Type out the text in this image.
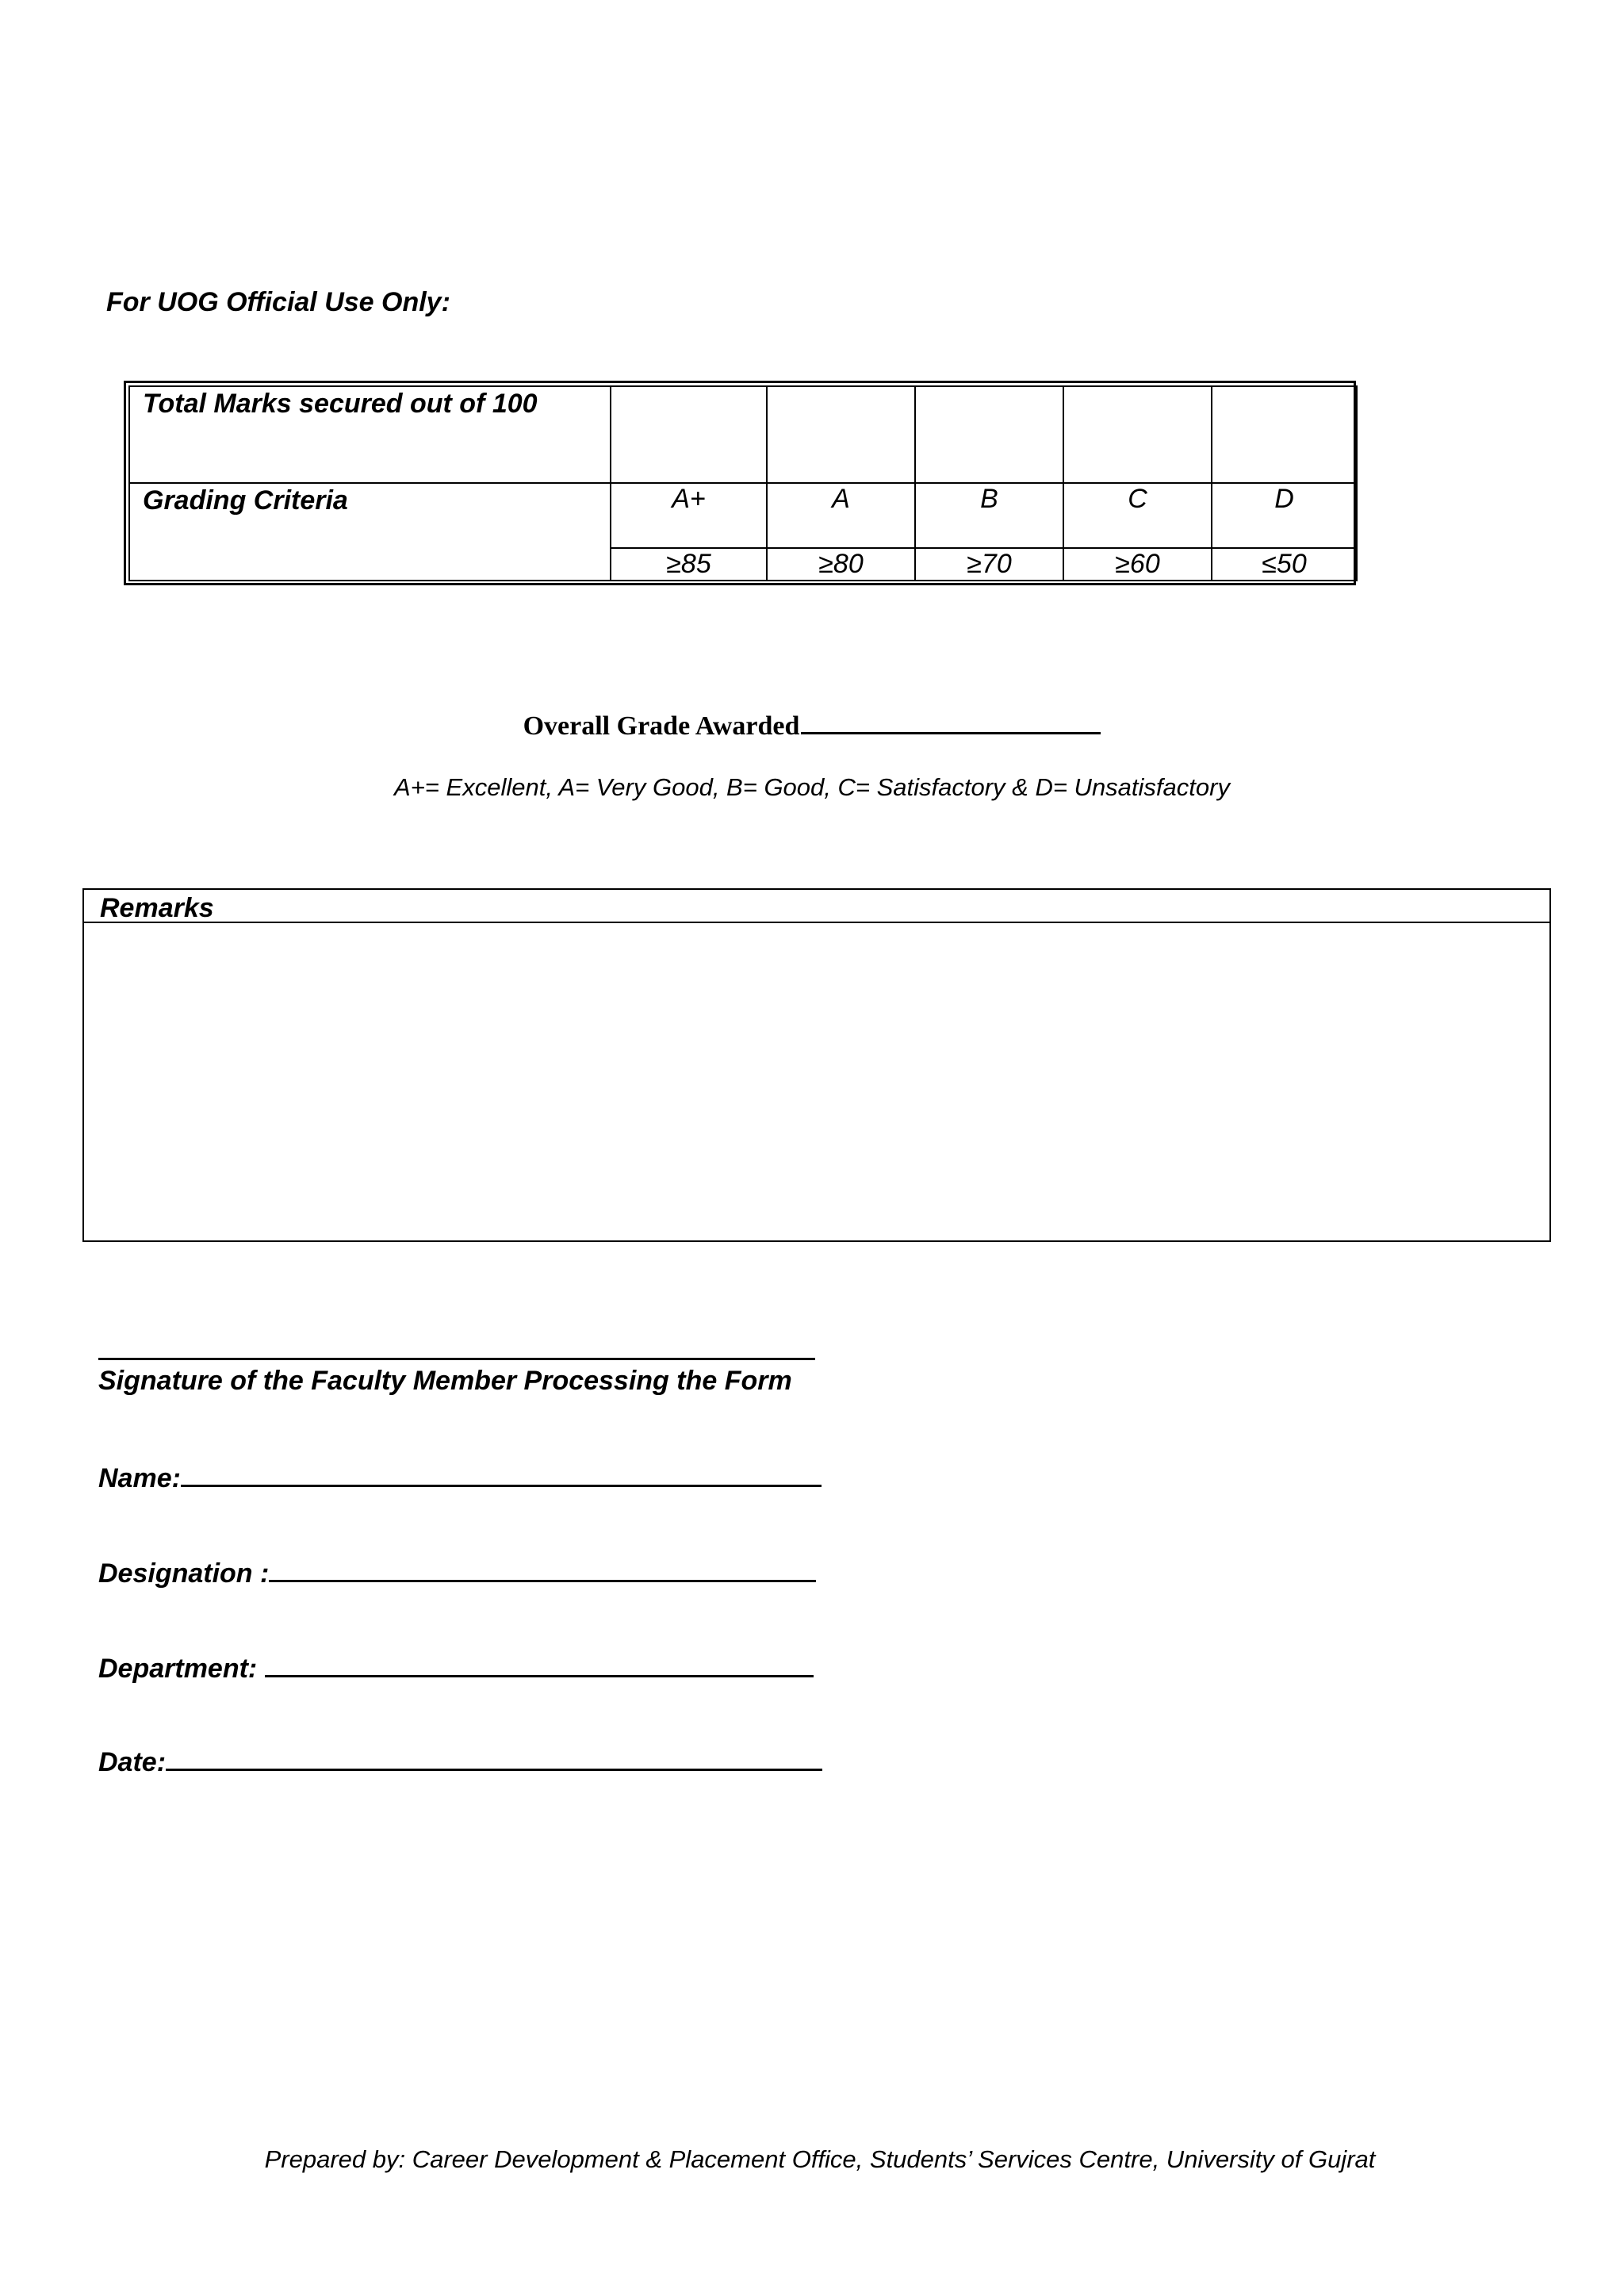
For UOG Official Use Only:
Total Marks secured out of 100					
Grading Criteria	A+	A	B	C	D
	≥85	≥80	≥70	≥60	≤50
Overall Grade Awarded
A+= Excellent, A= Very Good, B= Good, C= Satisfactory & D= Unsatisfactory
Remarks
Signature of the Faculty Member Processing the Form
Name:
Designation :
Department:
Date:
Prepared by: Career Development & Placement Office, Students’ Services Centre, University of Gujrat
